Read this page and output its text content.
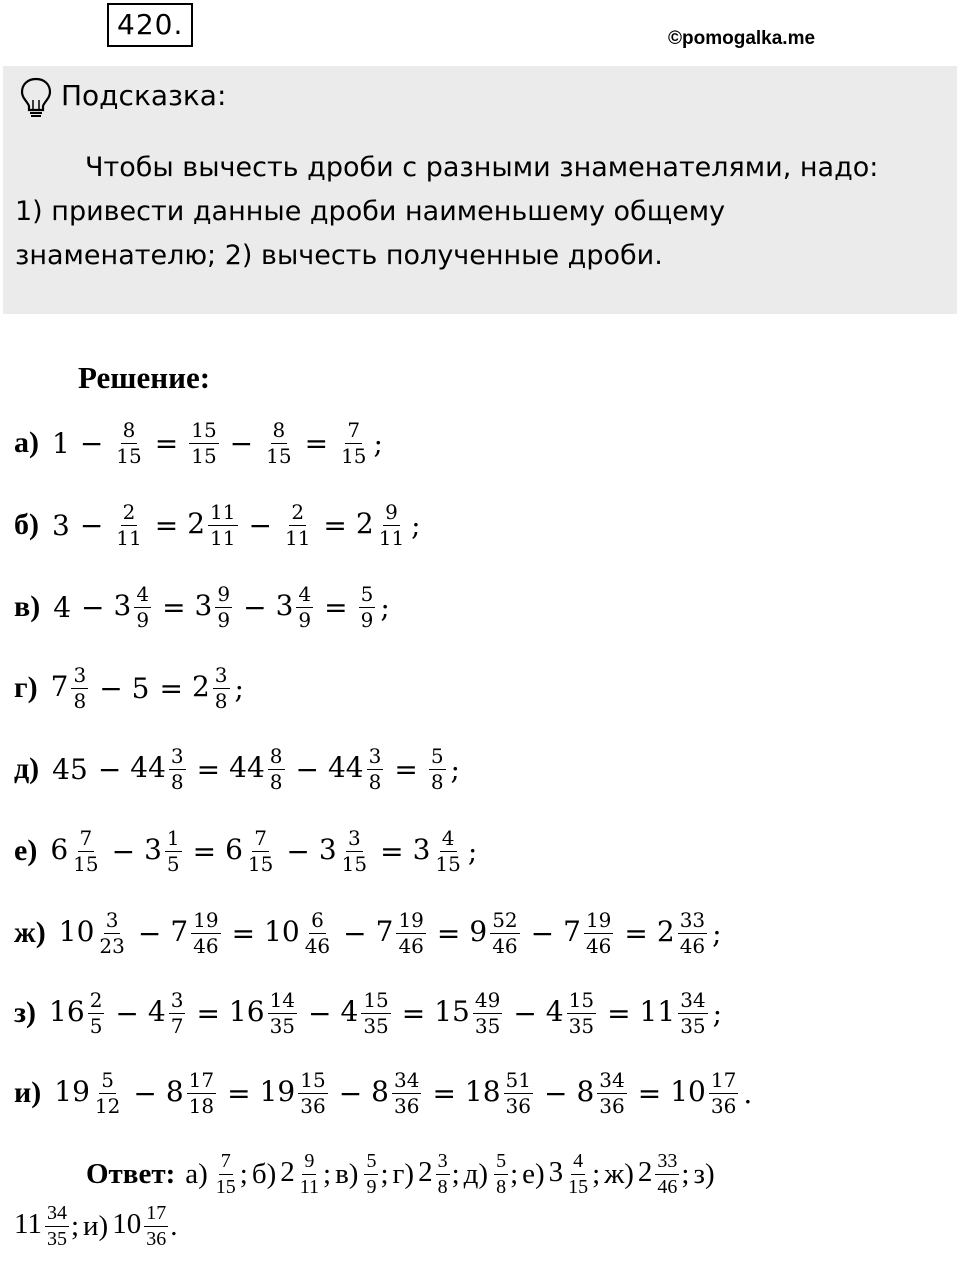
420.	©pomogalka.me
Подсказка:
Чтобы вычесть дроби с разными знаменателями, надо:
1) привести данные дроби наименьшему общему
знаменателю; 2) вычесть полученные дроби.
Решение:
а) $1 - \frac{8}{15} = \frac{15}{15} - \frac{8}{15} = \frac{7}{15}$ ;
б) $3 - \frac{2}{11} = 2 \frac{11}{11} - \frac{2}{11} = 2 \frac{9}{11}$ ;
в) $4 - 3 \frac{4}{9} = 3 \frac{9}{9} - 3 \frac{4}{9} = \frac{5}{9}$ ;
г) $7 \frac{3}{8} - 5 = 2 \frac{3}{8}$ ;
д) $45 - 44 \frac{3}{8} = 44 \frac{8}{8} - 44 \frac{3}{8} = \frac{5}{8}$ ;
е) $6 \frac{7}{15} - 3 \frac{1}{5} = 6 \frac{7}{15} - 3 \frac{3}{15} = 3 \frac{4}{15}$ ;
ж) $10 \frac{3}{23} - 7 \frac{19}{46} = 10 \frac{6}{46} - 7 \frac{19}{46} = 9 \frac{52}{46} - 7 \frac{19}{46} = 2 \frac{33}{46}$ ;
з) $16 \frac{2}{5} - 4 \frac{3}{7} = 16 \frac{14}{35} - 4 \frac{15}{35} = 15 \frac{49}{35} - 4 \frac{15}{35} = 11 \frac{34}{35}$ ;
и) $19 \frac{5}{12} - 8 \frac{17}{18} = 19 \frac{15}{36} - 8 \frac{34}{36} = 18 \frac{51}{36} - 8 \frac{34}{36} = 10 \frac{17}{36}$ .
Ответ: $а) \frac{7}{15}$ ; б) $2 \frac{9}{11}$ ; $в) \frac{5}{9}$ ; г) $2 \frac{3}{8}$ ; $д) \frac{5}{8}$ ; е) $3 \frac{4}{15}$ ; ж) $2 \frac{33}{46}$ ; з)
$11 \frac{34}{35}$ ; и) $10 \frac{17}{36}$ .
